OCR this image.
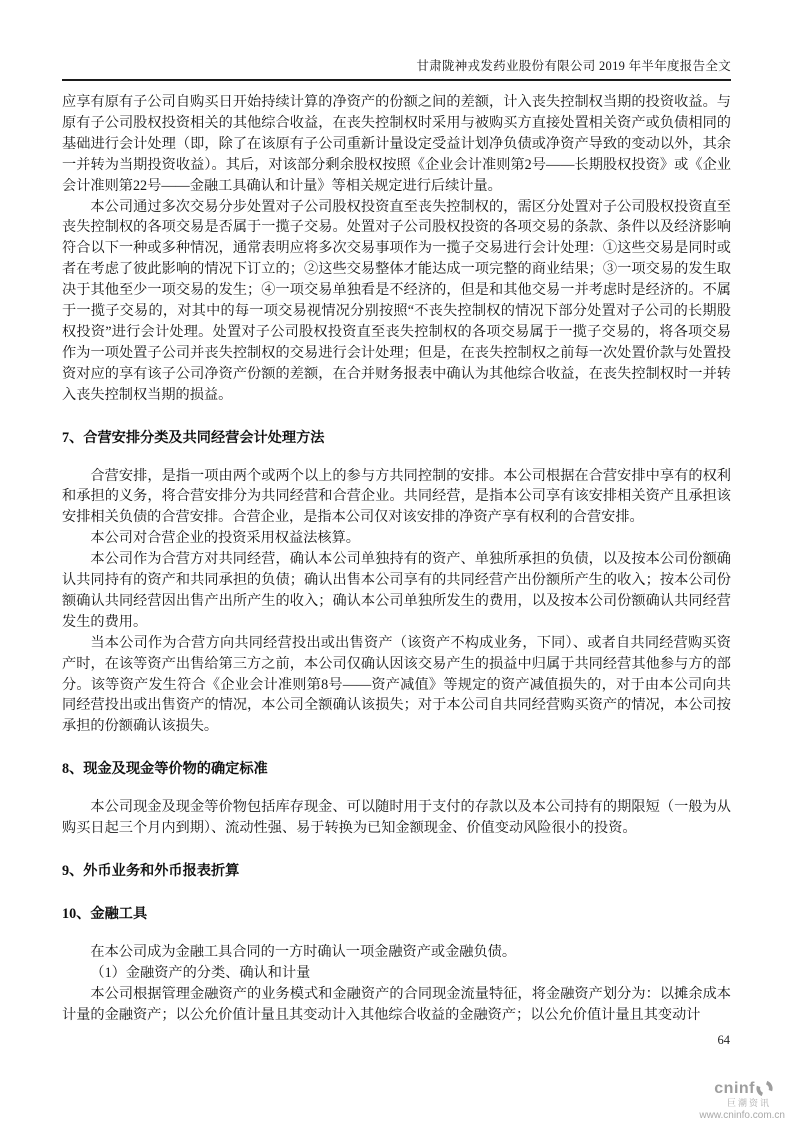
甘肃陇神戎发药业股份有限公司 2019 年半年度报告全文

应享有原有子公司自购买日开始持续计算的净资产的份额之间的差额，计入丧失控制权当期的投资收益。与原有子公司股权投资相关的其他综合收益，在丧失控制权时采用与被购买方直接处置相关资产或负债相同的基础进行会计处理（即，除了在该原有子公司重新计量设定受益计划净负债或净资产导致的变动以外，其余一并转为当期投资收益）。其后，对该部分剩余股权按照《企业会计准则第2号——长期股权投资》或《企业会计准则第22号——金融工具确认和计量》等相关规定进行后续计量。

本公司通过多次交易分步处置对子公司股权投资直至丧失控制权的，需区分处置对子公司股权投资直至丧失控制权的各项交易是否属于一揽子交易。处置对子公司股权投资的各项交易的条款、条件以及经济影响符合以下一种或多种情况，通常表明应将多次交易事项作为一揽子交易进行会计处理：①这些交易是同时或者在考虑了彼此影响的情况下订立的；②这些交易整体才能达成一项完整的商业结果；③一项交易的发生取决于其他至少一项交易的发生；④一项交易单独看是不经济的，但是和其他交易一并考虑时是经济的。不属于一揽子交易的，对其中的每一项交易视情况分别按照“不丧失控制权的情况下部分处置对子公司的长期股权投资”进行会计处理。处置对子公司股权投资直至丧失控制权的各项交易属于一揽子交易的，将各项交易作为一项处置子公司并丧失控制权的交易进行会计处理；但是，在丧失控制权之前每一次处置价款与处置投资对应的享有该子公司净资产份额的差额，在合并财务报表中确认为其他综合收益，在丧失控制权时一并转入丧失控制权当期的损益。

7、合营安排分类及共同经营会计处理方法

合营安排，是指一项由两个或两个以上的参与方共同控制的安排。本公司根据在合营安排中享有的权利和承担的义务，将合营安排分为共同经营和合营企业。共同经营，是指本公司享有该安排相关资产且承担该安排相关负债的合营安排。合营企业，是指本公司仅对该安排的净资产享有权利的合营安排。

本公司对合营企业的投资采用权益法核算。

本公司作为合营方对共同经营，确认本公司单独持有的资产、单独所承担的负债，以及按本公司份额确认共同持有的资产和共同承担的负债；确认出售本公司享有的共同经营产出份额所产生的收入；按本公司份额确认共同经营因出售产出所产生的收入；确认本公司单独所发生的费用，以及按本公司份额确认共同经营发生的费用。

当本公司作为合营方向共同经营投出或出售资产（该资产不构成业务，下同）、或者自共同经营购买资产时，在该等资产出售给第三方之前，本公司仅确认因该交易产生的损益中归属于共同经营其他参与方的部分。该等资产发生符合《企业会计准则第8号——资产减值》等规定的资产减值损失的，对于由本公司向共同经营投出或出售资产的情况，本公司全额确认该损失；对于本公司自共同经营购买资产的情况，本公司按承担的份额确认该损失。

8、现金及现金等价物的确定标准

本公司现金及现金等价物包括库存现金、可以随时用于支付的存款以及本公司持有的期限短（一般为从购买日起三个月内到期）、流动性强、易于转换为已知金额现金、价值变动风险很小的投资。

9、外币业务和外币报表折算
10、金融工具

在本公司成为金融工具合同的一方时确认一项金融资产或金融负债。

（1）金融资产的分类、确认和计量

本公司根据管理金融资产的业务模式和金融资产的合同现金流量特征，将金融资产划分为：以摊余成本计量的金融资产；以公允价值计量且其变动计入其他综合收益的金融资产；以公允价值计量且其变动计

64
cninf
巨潮资讯
www.cninfo.com.cn
